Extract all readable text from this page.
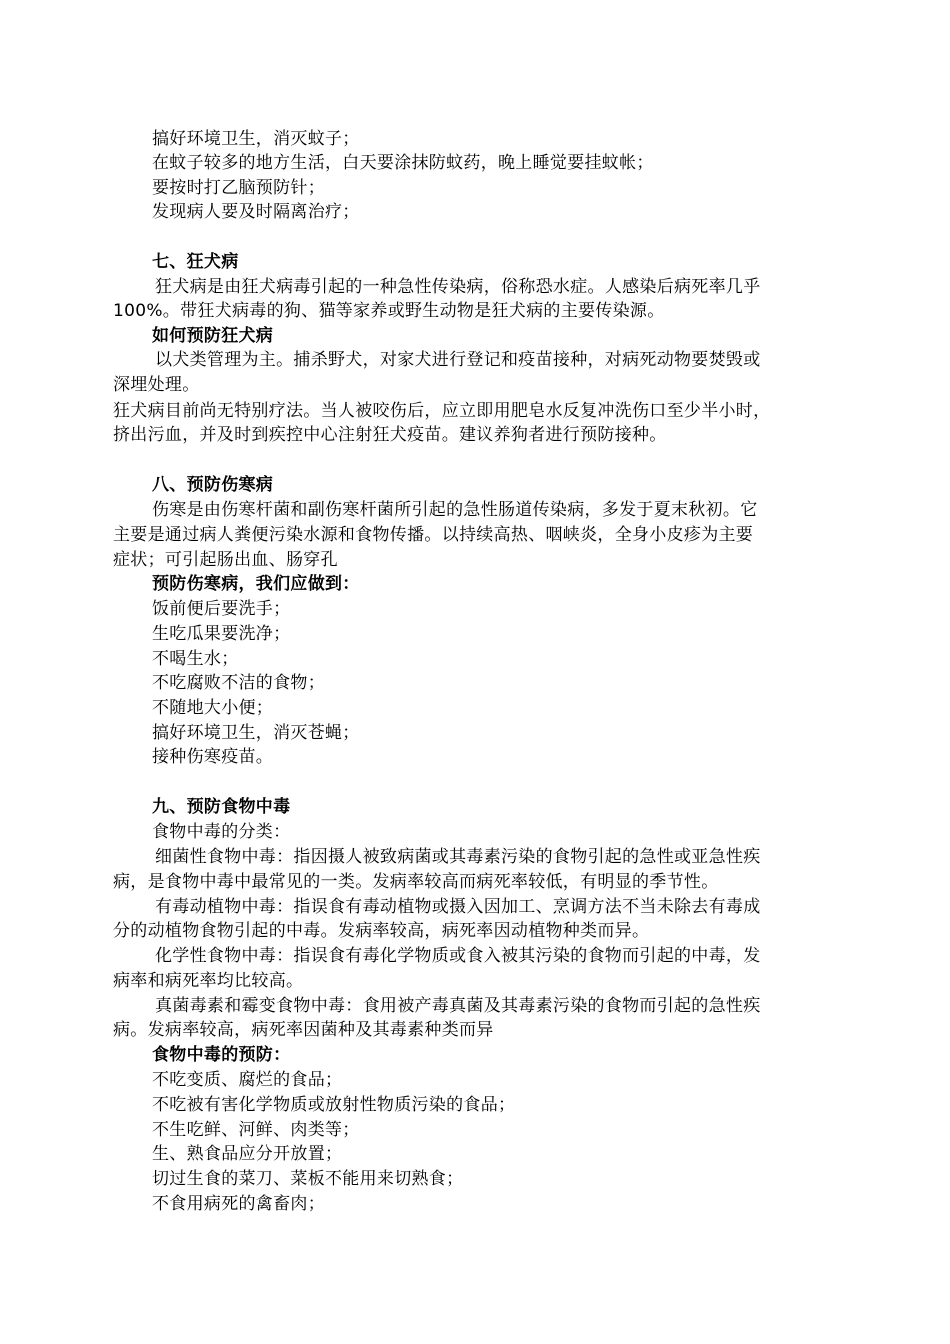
搞好环境卫生，消灭蚊子；
在蚊子较多的地方生活，白天要涂抹防蚊药，晚上睡觉要挂蚊帐；
要按时打乙脑预防针；
发现病人要及时隔离治疗；
七、狂犬病
狂犬病是由狂犬病毒引起的一种急性传染病，俗称恐水症。人感染后病死率几乎
100%。带狂犬病毒的狗、猫等家养或野生动物是狂犬病的主要传染源。
如何预防狂犬病
以犬类管理为主。捕杀野犬，对家犬进行登记和疫苗接种，对病死动物要焚毁或
深埋处理。
狂犬病目前尚无特别疗法。当人被咬伤后，应立即用肥皂水反复冲洗伤口至少半小时，
挤出污血，并及时到疾控中心注射狂犬疫苗。建议养狗者进行预防接种。
八、预防伤寒病
伤寒是由伤寒杆菌和副伤寒杆菌所引起的急性肠道传染病，多发于夏末秋初。它
主要是通过病人粪便污染水源和食物传播。以持续高热、咽峡炎，全身小皮疹为主要
症状；可引起肠出血、肠穿孔
预防伤寒病，我们应做到：
饭前便后要洗手；
生吃瓜果要洗净；
不喝生水；
不吃腐败不洁的食物；
不随地大小便；
搞好环境卫生，消灭苍蝇；
接种伤寒疫苗。
九、预防食物中毒
食物中毒的分类：
细菌性食物中毒：指因摄人被致病菌或其毒素污染的食物引起的急性或亚急性疾
病，是食物中毒中最常见的一类。发病率较高而病死率较低，有明显的季节性。
有毒动植物中毒：指误食有毒动植物或摄入因加工、烹调方法不当未除去有毒成
分的动植物食物引起的中毒。发病率较高，病死率因动植物种类而异。
化学性食物中毒：指误食有毒化学物质或食入被其污染的食物而引起的中毒，发
病率和病死率均比较高。
真菌毒素和霉变食物中毒：食用被产毒真菌及其毒素污染的食物而引起的急性疾
病。发病率较高，病死率因菌种及其毒素种类而异
食物中毒的预防：
不吃变质、腐烂的食品；
不吃被有害化学物质或放射性物质污染的食品；
不生吃鲜、河鲜、肉类等；
生、熟食品应分开放置；
切过生食的菜刀、菜板不能用来切熟食；
不食用病死的禽畜肉；
